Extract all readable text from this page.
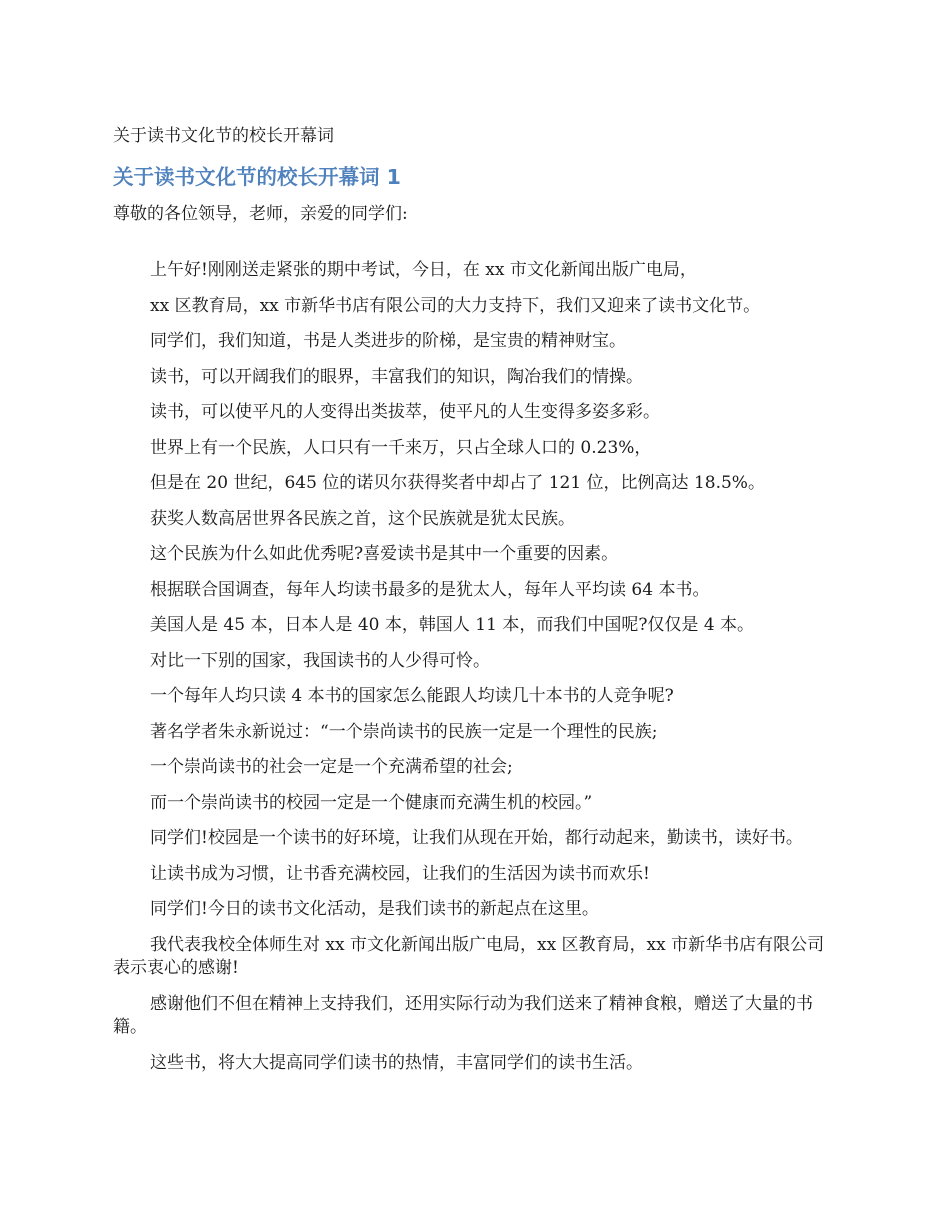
关于读书文化节的校长开幕词
关于读书文化节的校长开幕词 1
尊敬的各位领导，老师，亲爱的同学们:

上午好!刚刚送走紧张的期中考试，今日，在 xx 市文化新闻出版广电局，

xx 区教育局，xx 市新华书店有限公司的大力支持下，我们又迎来了读书文化节。

同学们，我们知道，书是人类进步的阶梯，是宝贵的精神财宝。

读书，可以开阔我们的眼界，丰富我们的知识，陶冶我们的情操。

读书，可以使平凡的人变得出类拔萃，使平凡的人生变得多姿多彩。

世界上有一个民族，人口只有一千来万，只占全球人口的 0.23%，

但是在 20 世纪，645 位的诺贝尔获得奖者中却占了 121 位，比例高达 18.5%。

获奖人数高居世界各民族之首，这个民族就是犹太民族。

这个民族为什么如此优秀呢?喜爱读书是其中一个重要的因素。

根据联合国调查，每年人均读书最多的是犹太人，每年人平均读 64 本书。

美国人是 45 本，日本人是 40 本，韩国人 11 本，而我们中国呢?仅仅是 4 本。

对比一下别的国家，我国读书的人少得可怜。

一个每年人均只读 4 本书的国家怎么能跟人均读几十本书的人竞争呢?

著名学者朱永新说过：“一个崇尚读书的民族一定是一个理性的民族;

一个崇尚读书的社会一定是一个充满希望的社会;

而一个崇尚读书的校园一定是一个健康而充满生机的校园。”

同学们!校园是一个读书的好环境，让我们从现在开始，都行动起来，勤读书，读好书。

让读书成为习惯，让书香充满校园，让我们的生活因为读书而欢乐!

同学们!今日的读书文化活动，是我们读书的新起点在这里。

我代表我校全体师生对 xx 市文化新闻出版广电局，xx 区教育局，xx 市新华书店有限公司表示衷心的感谢!

感谢他们不但在精神上支持我们，还用实际行动为我们送来了精神食粮，赠送了大量的书籍。

这些书，将大大提高同学们读书的热情，丰富同学们的读书生活。
